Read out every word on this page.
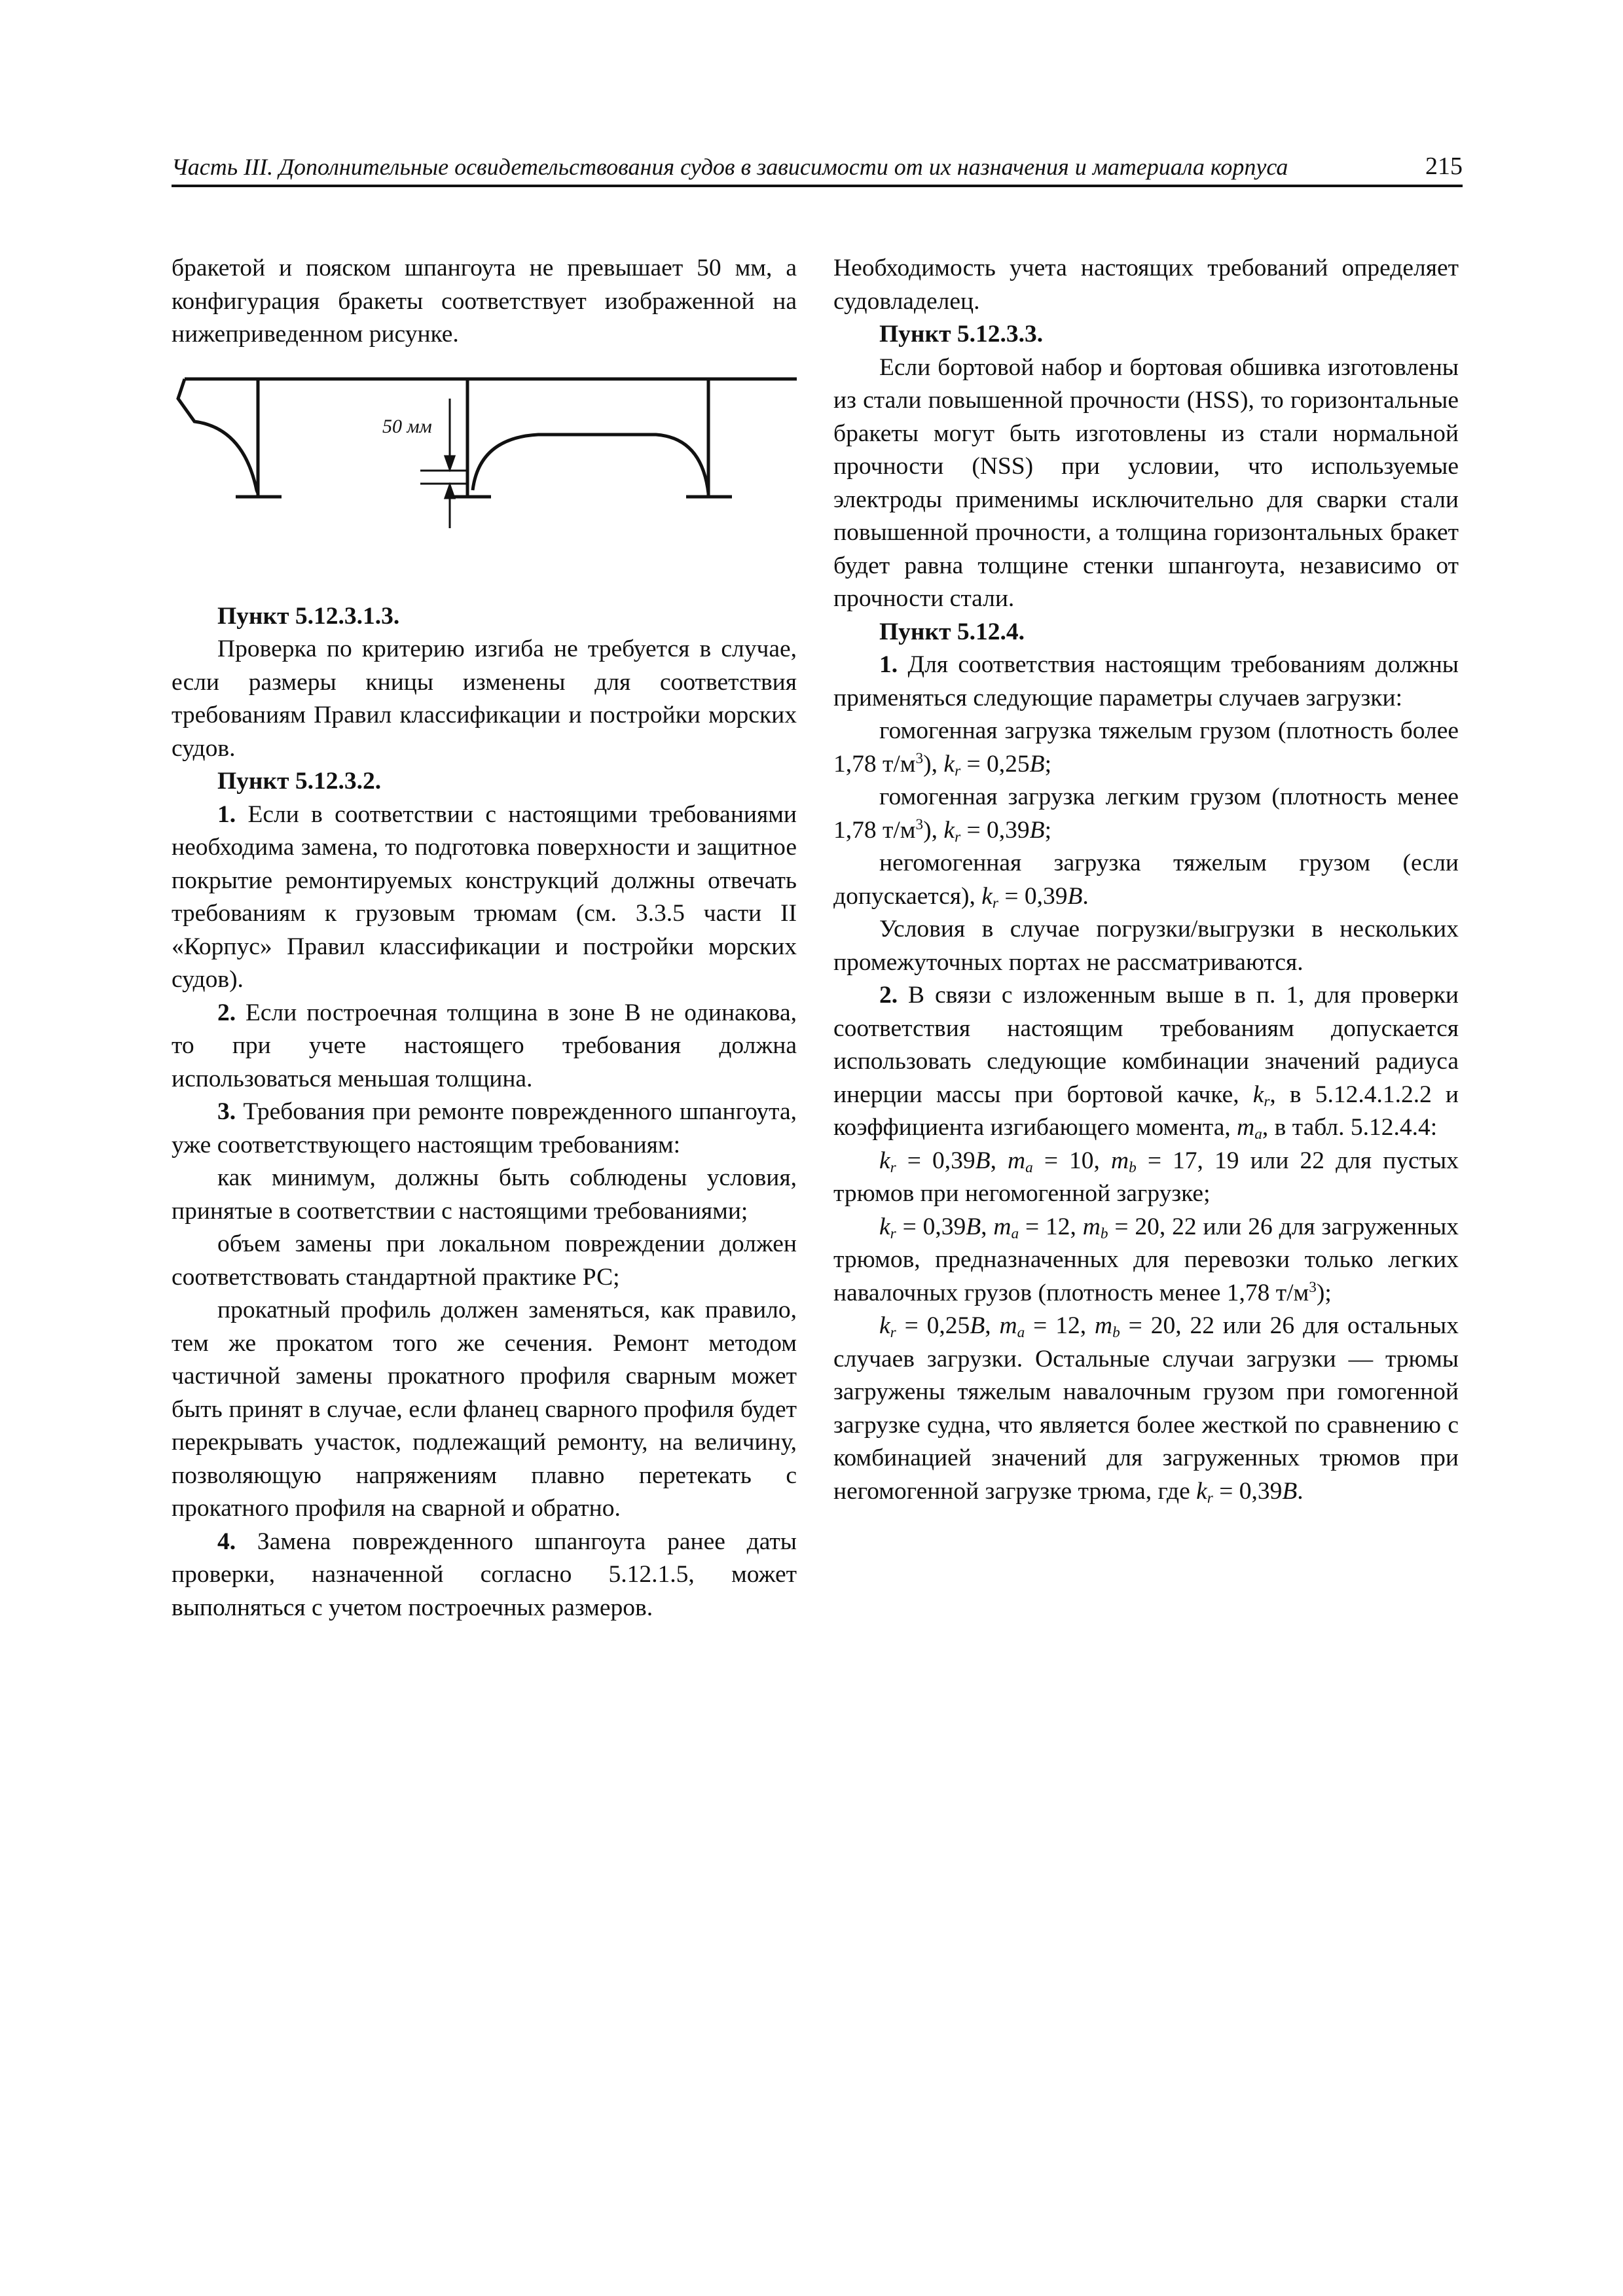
Часть III. Дополнительные освидетельствования судов в зависимости от их назначения и материала корпуса	215

бракетой и пояском шпангоута не превышает 50 мм, а конфигурация бракеты соответствует изображенной на нижеприведенном рисунке.

50 мм

Пункт 5.12.3.1.3.

Проверка по критерию изгиба не требуется в случае, если размеры кницы изменены для соответствия требованиям Правил классификации и постройки морских судов.

Пункт 5.12.3.2.

1. Если в соответствии с настоящими требованиями необходима замена, то подготовка поверхности и защитное покрытие ремонтируемых конструкций должны отвечать требованиям к грузовым трюмам (см. 3.3.5 части II «Корпус» Правил классификации и постройки морских судов).

2. Если построечная толщина в зоне В не одинакова, то при учете настоящего требования должна использоваться меньшая толщина.

3. Требования при ремонте поврежденного шпангоута, уже соответствующего настоящим требованиям:

как минимум, должны быть соблюдены условия, принятые в соответствии с настоящими требованиями;

объем замены при локальном повреждении должен соответствовать стандартной практике РС;

прокатный профиль должен заменяться, как правило, тем же прокатом того же сечения. Ремонт методом частичной замены прокатного профиля сварным может быть принят в случае, если фланец сварного профиля будет перекрывать участок, подлежащий ремонту, на величину, позволяющую напряжениям плавно перетекать с прокатного профиля на сварной и обратно.

4. Замена поврежденного шпангоута ранее даты проверки, назначенной согласно 5.12.1.5, может выполняться с учетом построечных размеров.

Необходимость учета настоящих требований определяет судовладелец.

Пункт 5.12.3.3.

Если бортовой набор и бортовая обшивка изготовлены из стали повышенной прочности (HSS), то горизонтальные бракеты могут быть изготовлены из стали нормальной прочности (NSS) при условии, что используемые электроды применимы исключительно для сварки стали повышенной прочности, а толщина горизонтальных бракет будет равна толщине стенки шпангоута, независимо от прочности стали.

Пункт 5.12.4.

1. Для соответствия настоящим требованиям должны применяться следующие параметры случаев загрузки:

гомогенная загрузка тяжелым грузом (плотность более 1,78 $т/м^3$), $k_r = 0,25B$;

гомогенная загрузка легким грузом (плотность менее 1,78 $т/м^3$), $k_r = 0,39B$;

негомогенная загрузка тяжелым грузом (если допускается), $k_r = 0,39B$.

Условия в случае погрузки/выгрузки в нескольких промежуточных портах не рассматриваются.

2. В связи с изложенным выше в п. 1, для проверки соответствия настоящим требованиям допускается использовать следующие комбинации значений радиуса инерции массы при бортовой качке, $k_r$, в 5.12.4.1.2.2 и коэффициента изгибающего момента, $m_a$, в табл. 5.12.4.4:

$k_r = 0,39B$, $m_a = 10$, $m_b = 17$, 19 или 22 для пустых трюмов при негомогенной загрузке;

$k_r = 0,39B$, $m_a = 12$, $m_b = 20$, 22 или 26 для загруженных трюмов, предназначенных для перевозки только легких навалочных грузов (плотность менее 1,78 $т/м^3$);

$k_r = 0,25B$, $m_a = 12$, $m_b = 20$, 22 или 26 для остальных случаев загрузки. Остальные случаи загрузки — трюмы загружены тяжелым навалочным грузом при гомогенной загрузке судна, что является более жесткой по сравнению с комбинацией значений для загруженных трюмов при негомогенной загрузке трюма, где $k_r = 0,39B$.
